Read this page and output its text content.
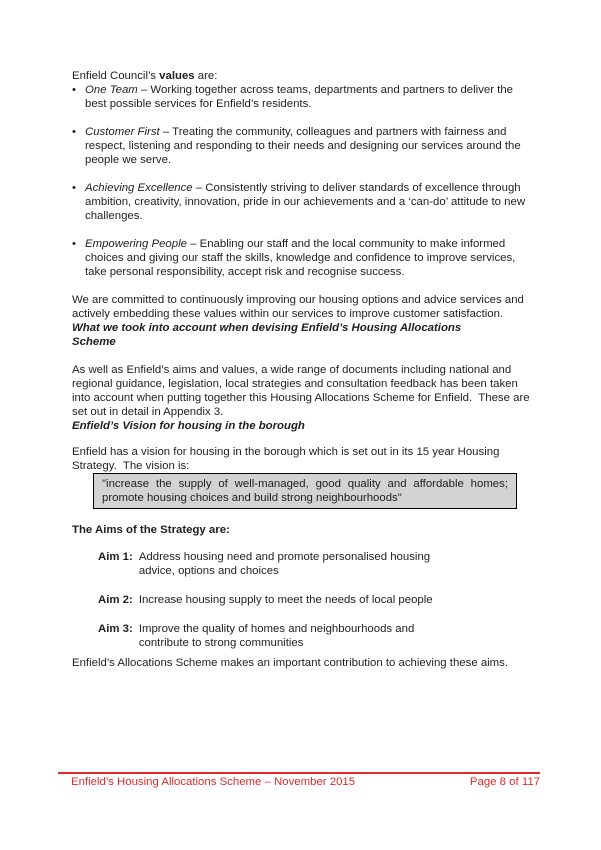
Enfield Council’s values are:

• One Team – Working together across teams, departments and partners to deliver the best possible services for Enfield’s residents.
• Customer First – Treating the community, colleagues and partners with fairness and respect, listening and responding to their needs and designing our services around the people we serve.
• Achieving Excellence – Consistently striving to deliver standards of excellence through ambition, creativity, innovation, pride in our achievements and a ‘can-do’ attitude to new challenges.
• Empowering People – Enabling our staff and the local community to make informed choices and giving our staff the skills, knowledge and confidence to improve services, take personal responsibility, accept risk and recognise success.

We are committed to continuously improving our housing options and advice services and actively embedding these values within our services to improve customer satisfaction.

What we took into account when devising Enfield’s Housing Allocations Scheme

As well as Enfield’s aims and values, a wide range of documents including national and regional guidance, legislation, local strategies and consultation feedback has been taken into account when putting together this Housing Allocations Scheme for Enfield.  These are set out in detail in Appendix 3.

Enfield’s Vision for housing in the borough

Enfield has a vision for housing in the borough which is set out in its 15 year Housing Strategy.  The vision is:

"increase the supply of well-managed, good quality and affordable homes; promote housing choices and build strong neighbourhoods"
The Aims of the Strategy are:
Aim 1: Address housing need and promote personalised housing advice, options and choices
Aim 2: Increase housing supply to meet the needs of local people
Aim 3: Improve the quality of homes and neighbourhoods and contribute to strong communities

Enfield’s Allocations Scheme makes an important contribution to achieving these aims.

Enfield’s Housing Allocations Scheme – November 2015	Page 8 of 117
